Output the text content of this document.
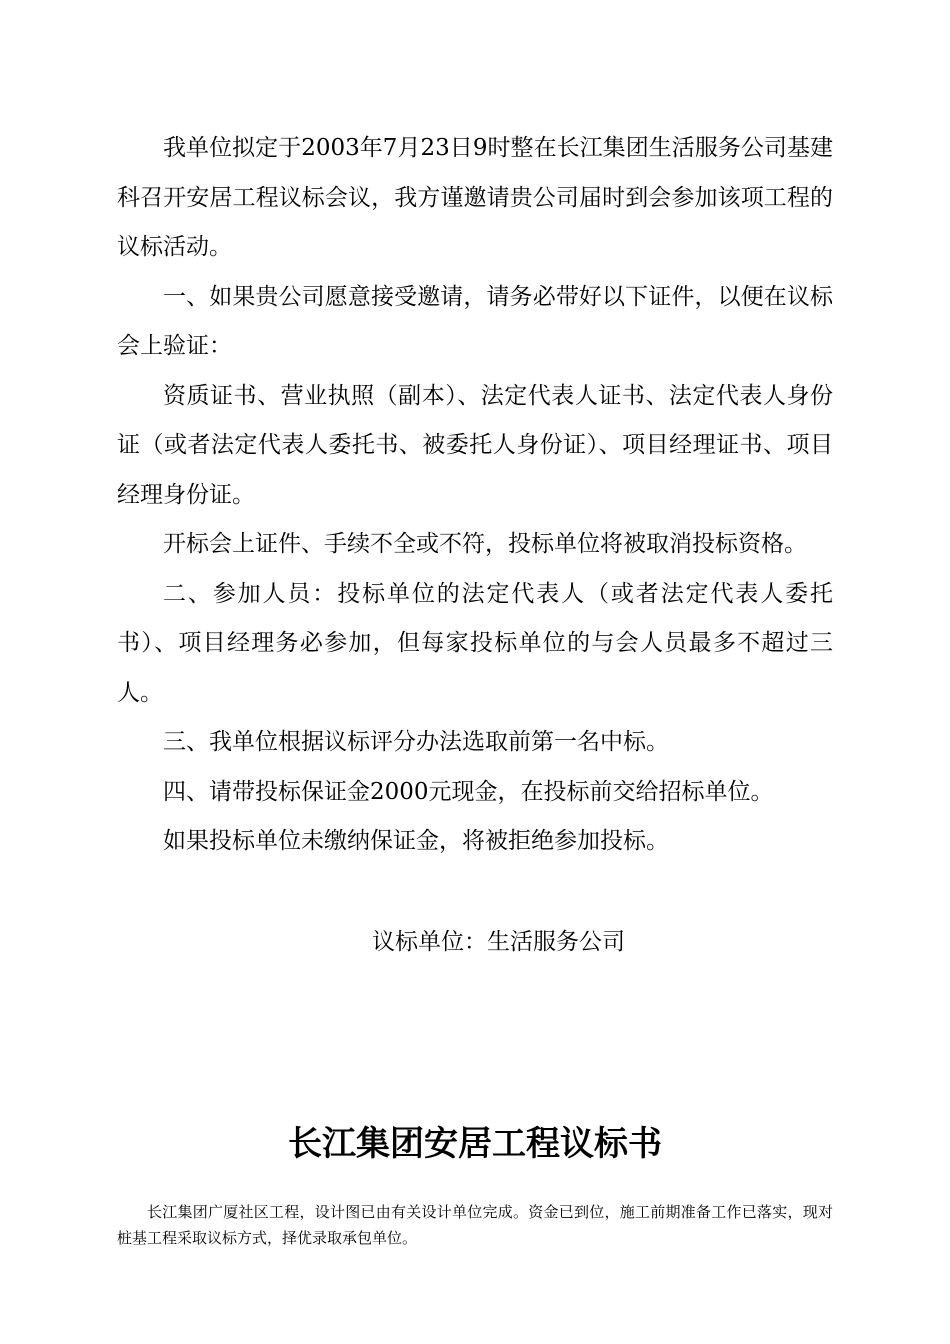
我单位拟定于2003年7月23日9时整在长江集团生活服务公司基建科召开安居工程议标会议，我方谨邀请贵公司届时到会参加该项工程的议标活动。

一、如果贵公司愿意接受邀请，请务必带好以下证件，以便在议标会上验证：

资质证书、营业执照（副本）、法定代表人证书、法定代表人身份证（或者法定代表人委托书、被委托人身份证）、项目经理证书、项目经理身份证。

开标会上证件、手续不全或不符，投标单位将被取消投标资格。

二、参加人员：投标单位的法定代表人（或者法定代表人委托书）、项目经理务必参加，但每家投标单位的与会人员最多不超过三人。

三、我单位根据议标评分办法选取前第一名中标。

四、请带投标保证金2000元现金，在投标前交给招标单位。

如果投标单位未缴纳保证金，将被拒绝参加投标。

议标单位：生活服务公司
长江集团安居工程议标书
长江集团广厦社区工程，设计图已由有关设计单位完成。资金已到位，施工前期准备工作已落实，现对桩基工程采取议标方式，择优录取承包单位。
